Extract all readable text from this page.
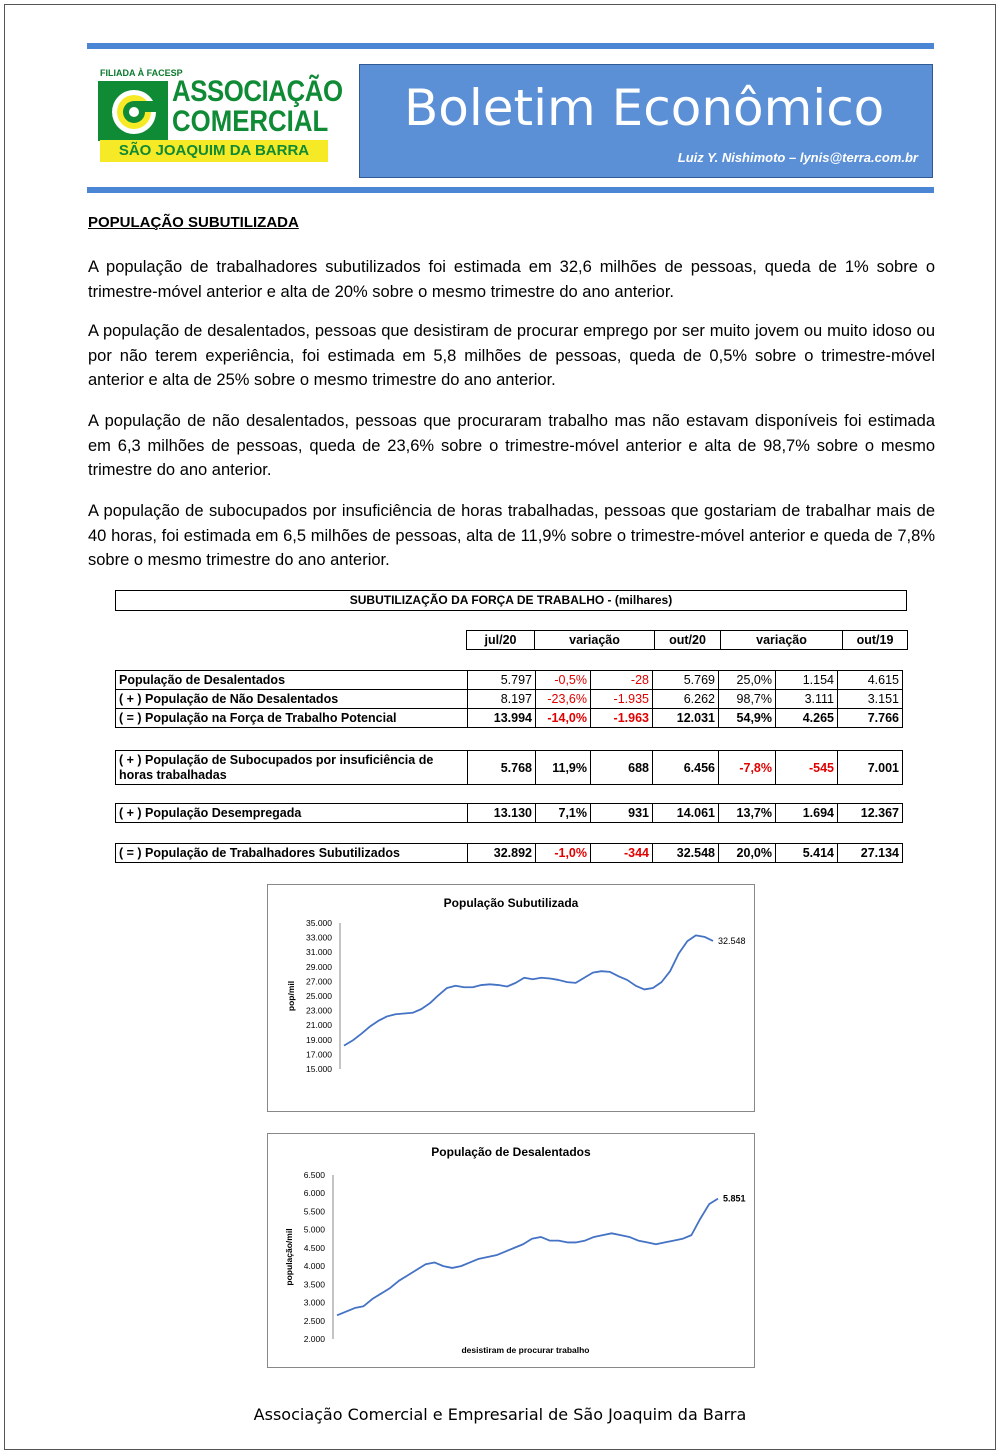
FILIADA À FACESP
ASSOCIAÇÃO
COMERCIAL
SÃO JOAQUIM DA BARRA
Boletim Econômico
Luiz Y. Nishimoto – lynis@terra.com.br
POPULAÇÃO SUBUTILIZADA
A população de trabalhadores subutilizados foi estimada em 32,6 milhões de pessoas, queda de 1% sobre o trimestre-móvel anterior e alta de 20% sobre o mesmo trimestre do ano anterior.
A população de desalentados, pessoas que desistiram de procurar emprego por ser muito jovem ou muito idoso ou por não terem experiência, foi estimada em 5,8 milhões de pessoas, queda de 0,5% sobre o trimestre-móvel anterior e alta de 25% sobre o mesmo trimestre do ano anterior.
A população de não desalentados, pessoas que procuraram trabalho mas não estavam disponíveis foi estimada em 6,3 milhões de pessoas, queda de 23,6% sobre o trimestre-móvel anterior e alta de 98,7% sobre o mesmo trimestre do ano anterior.
A população de subocupados por insuficiência de horas trabalhadas, pessoas que gostariam de trabalhar mais de 40 horas, foi estimada em 6,5 milhões de pessoas, alta de 11,9% sobre o trimestre-móvel anterior e queda de 7,8% sobre o mesmo trimestre do ano anterior.
SUBUTILIZAÇÃO DA FORÇA DE TRABALHO - (milhares)
jul/20	variação	out/20	variação	out/19
População de Desalentados	5.797	-0,5%	-28	5.769	25,0%	1.154	4.615
( + ) População de Não Desalentados	8.197	-23,6%	-1.935	6.262	98,7%	3.111	3.151
( = ) População na Força de Trabalho Potencial	13.994	-14,0%	-1.963	12.031	54,9%	4.265	7.766
( + ) População de Subocupados por insuficiência de horas trabalhadas	5.768	11,9%	688	6.456	-7,8%	-545	7.001
( + ) População Desempregada	13.130	7,1%	931	14.061	13,7%	1.694	12.367
( = ) População de Trabalhadores Subutilizados	32.892	-1,0%	-344	32.548	20,0%	5.414	27.134
População Subutilizada
35.000
33.000
31.000
29.000
27.000
25.000
23.000
21.000
19.000
17.000
15.000
pop/mil
32.548
População de Desalentados
6.500
6.000
5.500
5.000
4.500
4.000
3.500
3.000
2.500
2.000
população/mil
desistiram de procurar trabalho
5.851
Associação Comercial e Empresarial de São Joaquim da Barra
